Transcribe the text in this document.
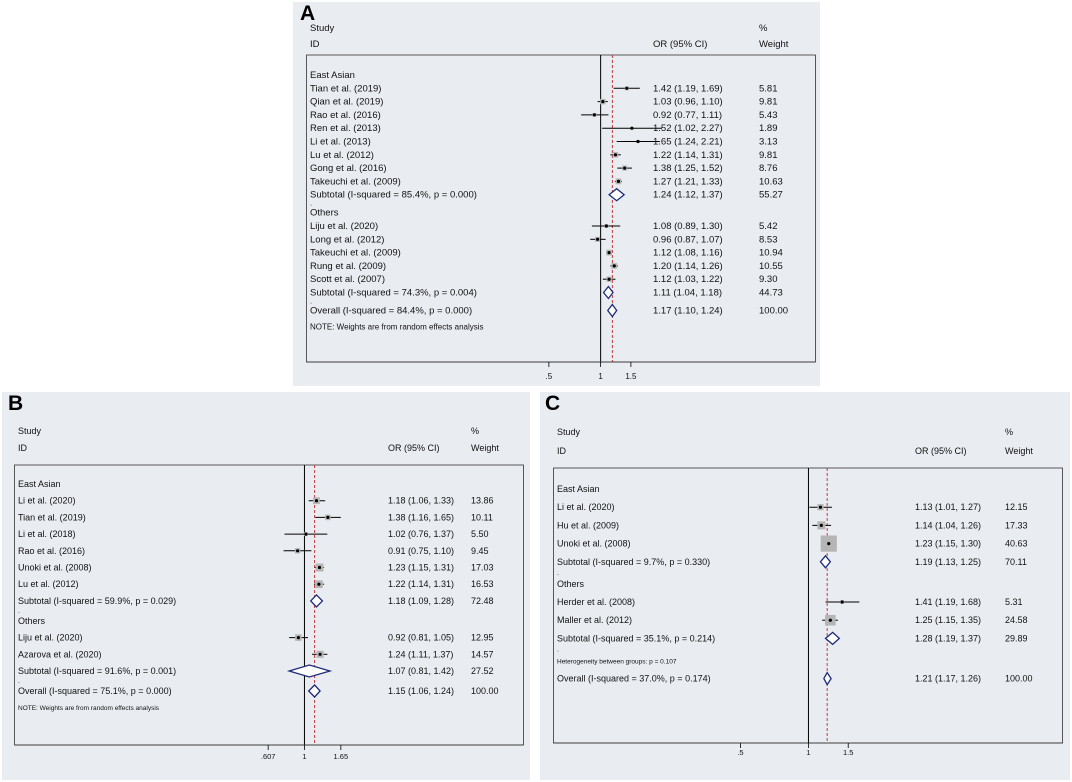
A
Study
ID	OR (95% CI)
%
Weight
NOTE: Weights are from random effects analysis
East Asian
Tian et al. (2019)	1.42 (1.19, 1.69)	5.81
Qian et al. (2019)	1.03 (0.96, 1.10)	9.81
Rao et al. (2016)	0.92 (0.77, 1.11)	5.43
Ren et al. (2013)	1.52 (1.02, 2.27)	1.89
Li et al. (2013)	1.65 (1.24, 2.21)	3.13
Lu et al. (2012)	1.22 (1.14, 1.31)	9.81
Gong et al. (2016)	1.38 (1.25, 1.52)	8.76
Takeuchi et al. (2009)	1.27 (1.21, 1.33)	10.63
Subtotal (I-squared = 85.4%, p = 0.000)	1.24 (1.12, 1.37)	55.27
.
Others
Liju et al. (2020)	1.08 (0.89, 1.30)	5.42
Long et al. (2012)	0.96 (0.87, 1.07)	8.53
Takeuchi et al. (2009)	1.12 (1.08, 1.16)	10.94
Rung et al. (2009)	1.20 (1.14, 1.26)	10.55
Scott et al. (2007)	1.12 (1.03, 1.22)	9.30
Subtotal (I-squared = 74.3%, p = 0.004)	1.11 (1.04, 1.18)	44.73
.
Overall (I-squared = 84.4%, p = 0.000)	1.17 (1.10, 1.24)	100.00
.5	1	1.5
B
Study
ID	OR (95% CI)
%
Weight
NOTE: Weights are from random effects analysis
East Asian
Li et al. (2020)	1.18 (1.06, 1.33) 13.86
Tian et al. (2019)	1.38 (1.16, 1.65) 10.11
Li et al. (2018)	1.02 (0.76, 1.37) 5.50
Rao et al. (2016)	0.91 (0.75, 1.10) 9.45
Unoki et al. (2008)	1.23 (1.15, 1.31) 17.03
Lu et al. (2012)	1.22 (1.14, 1.31) 16.53
Subtotal (I-squared = 59.9%, p = 0.029)	1.18 (1.09, 1.28) 72.48
.
Others
Liju et al. (2020)	0.92 (0.81, 1.05) 12.95
Azarova et al. (2020)	1.24 (1.11, 1.37) 14.57
Subtotal (I-squared = 91.6%, p = 0.001)	1.07 (0.81, 1.42) 27.52
.
Overall (I-squared = 75.1%, p = 0.000)	1.15 (1.06, 1.24) 100.00
.607	1	1.65
C
Study
ID	OR (95% CI)
%
Weight
East Asian
Li et al. (2020)	1.13 (1.01, 1.27)	12.15
Hu et al. (2009)	1.14 (1.04, 1.26)	17.33
Unoki et al. (2008)	1.23 (1.15, 1.30)	40.63
Subtotal (I-squared = 9.7%, p = 0.330)	1.19 (1.13, 1.25)	70.11
.
Others
Herder et al. (2008)	1.41 (1.19, 1.68)	5.31
Maller et al. (2012)	1.25 (1.15, 1.35)	24.58
Subtotal (I-squared = 35.1%, p = 0.214)	1.28 (1.19, 1.37)	29.89
.
Heterogeneity between groups: p = 0.107
Overall (I-squared = 37.0%, p = 0.174)	1.21 (1.17, 1.26)	100.00
.5	1	1.5
